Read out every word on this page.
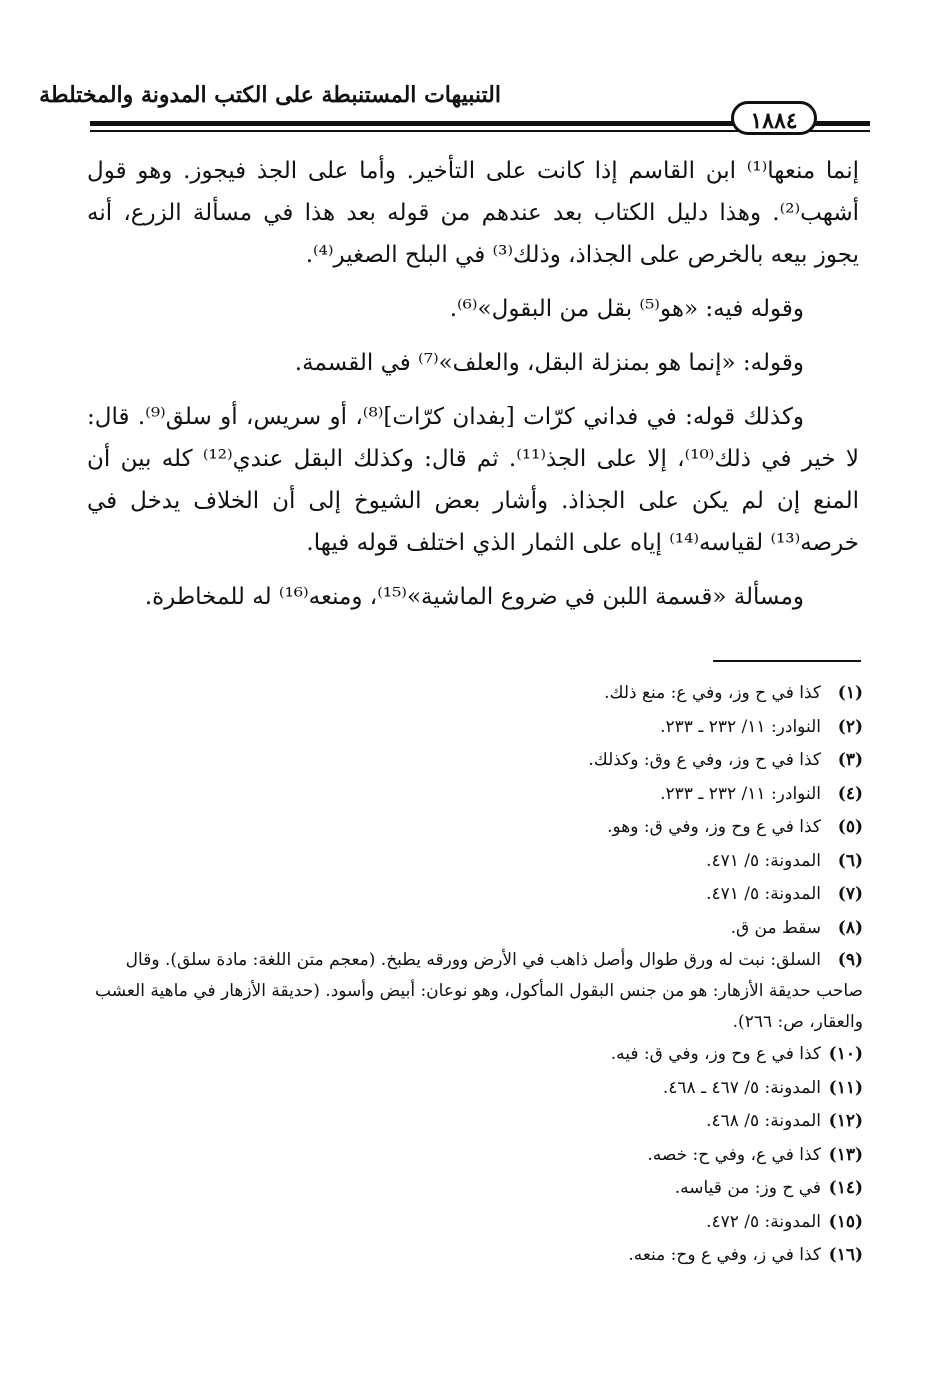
التنبيهات المستنبطة على الكتب المدونة والمختلطة
١٨٨٤

إنما منعها⁽¹⁾ ابن القاسم إذا كانت على التأخير. وأما على الجذ فيجوز. وهو قول أشهب⁽²⁾. وهذا دليل الكتاب بعد عندهم من قوله بعد هذا في مسألة الزرع، أنه يجوز بيعه بالخرص على الجذاذ، وذلك⁽³⁾ في البلح الصغير⁽⁴⁾.

وقوله فيه: «هو⁽⁵⁾ بقل من البقول»⁽⁶⁾.

وقوله: «إنما هو بمنزلة البقل، والعلف»⁽⁷⁾ في القسمة.

وكذلك قوله: في فداني كرّات [بفدان كرّات]⁽⁸⁾، أو سريس، أو سلق⁽⁹⁾. قال: لا خير في ذلك⁽¹⁰⁾، إلا على الجذ⁽¹¹⁾. ثم قال: وكذلك البقل عندي⁽¹²⁾ كله بين أن المنع إن لم يكن على الجذاذ. وأشار بعض الشيوخ إلى أن الخلاف يدخل في خرصه⁽¹³⁾ لقياسه⁽¹⁴⁾ إياه على الثمار الذي اختلف قوله فيها.

ومسألة «قسمة اللبن في ضروع الماشية»⁽¹⁵⁾، ومنعه⁽¹⁶⁾ له للمخاطرة.

(١)كذا في ح وز، وفي ع: منع ذلك.
(٢)النوادر: ١١/ ٢٣٢ ـ ٢٣٣.
(٣)كذا في ح وز، وفي ع وق: وكذلك.
(٤)النوادر: ١١/ ٢٣٢ ـ ٢٣٣.
(٥)كذا في ع وح وز، وفي ق: وهو.
(٦)المدونة: ٥/ ٤٧١.
(٧)المدونة: ٥/ ٤٧١.
(٨)سقط من ق.
(٩)السلق: نبت له ورق طوال وأصل ذاهب في الأرض وورقه يطبخ. (معجم متن اللغة: مادة سلق). وقال صاحب حديقة الأزهار: هو من جنس البقول المأكول، وهو نوعان: أبيض وأسود. (حديقة الأزهار في ماهية العشب والعقار، ص: ٢٦٦).
(١٠)كذا في ع وح وز، وفي ق: فيه.
(١١)المدونة: ٥/ ٤٦٧ ـ ٤٦٨.
(١٢)المدونة: ٥/ ٤٦٨.
(١٣)كذا في ع، وفي ح: خصه.
(١٤)في ح وز: من قياسه.
(١٥)المدونة: ٥/ ٤٧٢.
(١٦)كذا في ز، وفي ع وح: منعه.
